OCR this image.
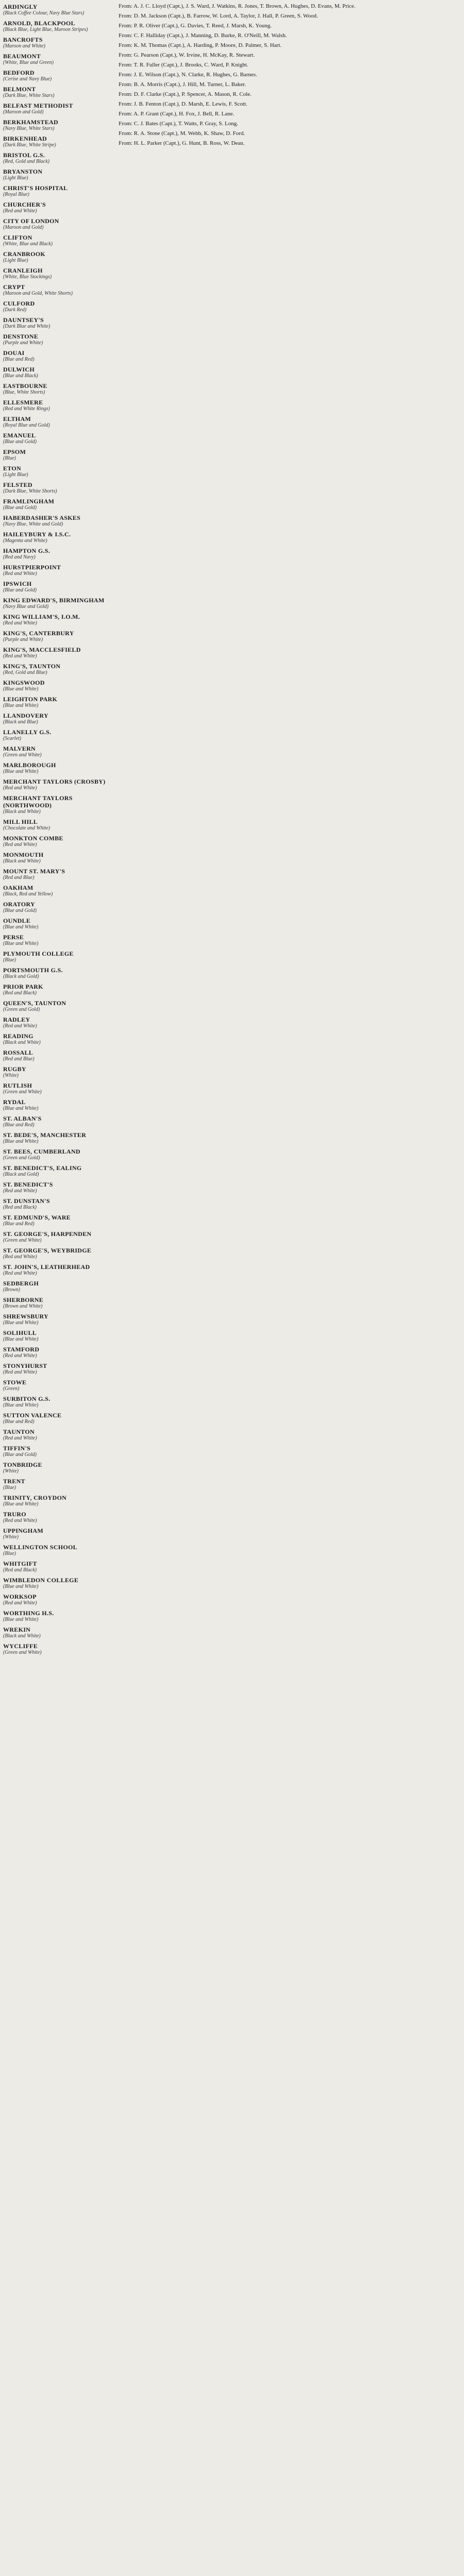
ARDINGLY
(Black Coffee Colour, Navy Blue Stars)
ARNOLD, BLACKPOOL
(Black Blue, Light Blue, Maroon Stripes)
BANCROFTS
(Maroon and White)
BEAUMONT
(White, Blue and Green)
BEDFORD
(Cerise and Navy Blue)
BELMONT
(Dark Blue, White Stars)
BELFAST METHODIST
(Maroon and Gold)
BERKHAMSTEAD
(Navy Blue, White Stars)
BIRKENHEAD
(Dark Blue, White Stripe)
BRISTOL G.S.
(Red, Gold and Black)
BRYANSTON
(Light Blue)
CHRIST'S HOSPITAL
(Royal Blue)
CHURCHER'S
(Red and White)
CITY OF LONDON
(Maroon and Gold)
CLIFTON
(White, Blue and Black)
CRANBROOK
(Light Blue)
CRANLEIGH
(White, Blue Stockings)
CRYPT
(Maroon and Gold, White Shorts)
CULFORD
(Dark Red)
DAUNTSEY'S
(Dark Blue and White)
DENSTONE
(Purple and White)
DOUAI
(Blue and Red)
DULWICH
(Blue and Black)
EASTBOURNE
(Blue, White Shorts)
ELLESMERE
(Red and White Rings)
ELTHAM
(Royal Blue and Gold)
EMANUEL
(Blue and Gold)
EPSOM
(Blue)
ETON
(Light Blue)
FELSTED
(Dark Blue, White Shorts)
FRAMLINGHAM
(Blue and Gold)
HABERDASHER'S ASKES
(Navy Blue, White and Gold)
HAILEYBURY & I.S.C.
(Magenta and White)
HAMPTON G.S.
(Red and Navy)
HURSTPIERPOINT
(Red and White)
IPSWICH
(Blue and Gold)
KING EDWARD'S, BIRMINGHAM
(Navy Blue and Gold)
KING WILLIAM'S, I.O.M.
(Red and White)
KING'S, CANTERBURY
(Purple and White)
KING'S, MACCLESFIELD
(Red and White)
KING'S, TAUNTON
(Red, Gold and Blue)
KINGSWOOD
(Blue and White)
LEIGHTON PARK
(Blue and White)
LLANDOVERY
(Black and Blue)
LLANELLY G.S.
(Scarlet)
MALVERN
(Green and White)
MARLBOROUGH
(Blue and White)
MERCHANT TAYLORS (CROSBY)
(Red and White)
MERCHANT TAYLORS (NORTHWOOD)
(Black and White)
MILL HILL
(Chocolate and White)
MONKTON COMBE
(Red and White)
MONMOUTH
(Black and White)
MOUNT ST. MARY'S
(Red and Blue)
OAKHAM
(Black, Red and Yellow)
ORATORY
(Blue and Gold)
OUNDLE
(Blue and White)
PERSE
(Blue and White)
PLYMOUTH COLLEGE
(Blue)
PORTSMOUTH G.S.
(Black and Gold)
PRIOR PARK
(Red and Black)
QUEEN'S, TAUNTON
(Green and Gold)
RADLEY
(Red and White)
READING
(Black and White)
ROSSALL
(Red and Blue)
RUGBY
(White)
RUTLISH
(Green and White)
RYDAL
(Blue and White)
ST. ALBAN'S
(Blue and Red)
ST. BEDE'S, MANCHESTER
(Blue and White)
ST. BEES, CUMBERLAND
(Green and Gold)
ST. BENEDICT'S, EALING
(Black and Gold)
ST. BENEDICT'S
(Red and White)
ST. DUNSTAN'S
(Red and Black)
ST. EDMUND'S, WARE
(Blue and Red)
ST. GEORGE'S, HARPENDEN
(Green and White)
ST. GEORGE'S, WEYBRIDGE
(Red and White)
ST. JOHN'S, LEATHERHEAD
(Red and White)
SEDBERGH
(Brown)
SHERBORNE
(Brown and White)
SHREWSBURY
(Blue and White)
SOLIHULL
(Blue and White)
STAMFORD
(Red and White)
STONYHURST
(Red and White)
STOWE
(Green)
SURBITON G.S.
(Blue and White)
SUTTON VALENCE
(Blue and Red)
TAUNTON
(Red and White)
TIFFIN'S
(Blue and Gold)
TONBRIDGE
(White)
TRENT
(Blue)
TRINITY, CROYDON
(Blue and White)
TRURO
(Red and White)
UPPINGHAM
(White)
WELLINGTON SCHOOL
(Blue)
WHITGIFT
(Red and Black)
WIMBLEDON COLLEGE
(Blue and White)
WORKSOP
(Red and White)
WORTHING H.S.
(Blue and White)
WREKIN
(Black and White)
WYCLIFFE
(Green and White)
From: A. J. C. Lloyd (Capt.), J. S. Ward, J. Watkins, R. Jones, T. Brown, A. Hughes, D. Evans, M. Price.
From: D. M. Jackson (Capt.), B. Farrow, W. Lord, A. Taylor, J. Hall, P. Green, S. Wood.
From: P. R. Oliver (Capt.), G. Davies, T. Reed, J. Marsh, K. Young.
From: C. F. Halliday (Capt.), J. Manning, D. Burke, R. O'Neill, M. Walsh.
From: K. M. Thomas (Capt.), A. Harding, P. Moore, D. Palmer, S. Hart.
From: G. Pearson (Capt.), W. Irvine, H. McKay, R. Stewart.
From: T. R. Fuller (Capt.), J. Brooks, C. Ward, P. Knight.
From: J. E. Wilson (Capt.), N. Clarke, R. Hughes, G. Barnes.
From: B. A. Morris (Capt.), J. Hill, M. Turner, L. Baker.
From: D. F. Clarke (Capt.), P. Spencer, A. Mason, R. Cole.
From: J. B. Fenton (Capt.), D. Marsh, E. Lewis, F. Scott.
From: A. P. Grant (Capt.), H. Fox, J. Bell, R. Lane.
From: C. J. Bates (Capt.), T. Watts, P. Gray, S. Long.
From: R. A. Stone (Capt.), M. Webb, K. Shaw, D. Ford.
From: H. L. Parker (Capt.), G. Hunt, B. Ross, W. Dean.
